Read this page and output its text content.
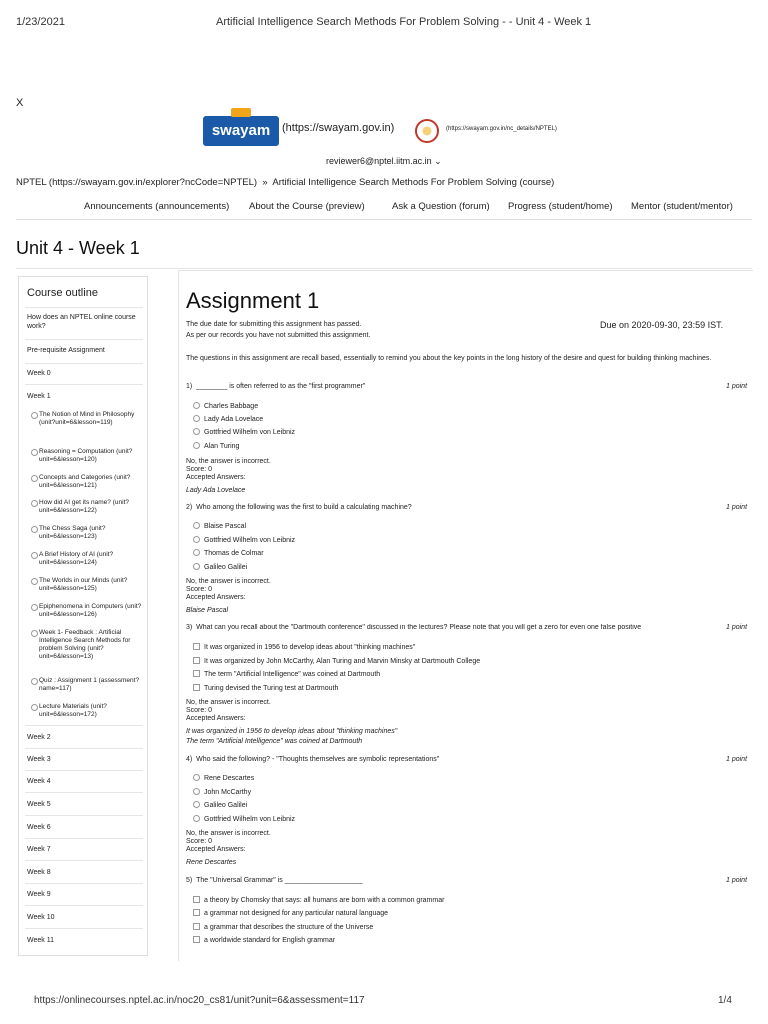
1/23/2021	Artificial Intelligence Search Methods For Problem Solving - - Unit 4 - Week 1
X
swayam	(https://swayam.gov.in)	(https://swayam.gov.in/nc_details/NPTEL)
reviewer6@nptel.iitm.ac.in ⌄
NPTEL (https://swayam.gov.in/explorer?ncCode=NPTEL) » Artificial Intelligence Search Methods For Problem Solving (course)
Announcements (announcements) About the Course (preview)	Ask a Question (forum) Progress (student/home) Mentor (student/mentor)
Unit 4 - Week 1
Course outline
How does an NPTEL online course work?
Pre-requisite Assignment
Week 0
Week 1
The Notion of Mind in Philosophy (unit?unit=6&lesson=119)
Reasoning = Computation (unit?unit=6&lesson=120)
Concepts and Categories (unit?unit=6&lesson=121)
How did AI get its name? (unit?unit=6&lesson=122)
The Chess Saga (unit?unit=6&lesson=123)
A Brief History of AI (unit?unit=6&lesson=124)
The Worlds in our Minds (unit?unit=6&lesson=125)
Epiphenomena in Computers (unit?unit=6&lesson=126)
Week 1- Feedback : Artificial Intelligence Search Methods for problem Solving (unit?unit=6&lesson=13)
Quiz : Assignment 1 (assessment?name=117)
Lecture Materials (unit?unit=6&lesson=172)
Week 2
Week 3
Week 4
Week 5
Week 6
Week 7
Week 8
Week 9
Week 10
Week 11
Assignment 1
The due date for submitting this assignment has passed.
As per our records you have not submitted this assignment.
Due on 2020-09-30, 23:59 IST.
The questions in this assignment are recall based, essentially to remind you about the key points in the long history of the desire and quest for building thinking machines.
1) ________ is often referred to as the "first programmer"	1 point
Charles Babbage
Lady Ada Lovelace
Gottfried Wilhelm von Leibniz
Alan Turing
No, the answer is incorrect.
Score: 0
Accepted Answers:
Lady Ada Lovelace
2) Who among the following was the first to build a calculating machine?	1 point
Blaise Pascal
Gottfried Wilhelm von Leibniz
Thomas de Colmar
Galileo Galilei
No, the answer is incorrect.
Score: 0
Accepted Answers:
Blaise Pascal
3) What can you recall about the "Dartmouth conference" discussed in the lectures? Please note that you will get a zero for even one false positive	1 point
It was organized in 1956 to develop ideas about "thinking machines"
It was organized by John McCarthy, Alan Turing and Marvin Minsky at Dartmouth College
The term "Artificial Intelligence" was coined at Dartmouth
Turing devised the Turing test at Dartmouth
No, the answer is incorrect.
Score: 0
Accepted Answers:
It was organized in 1956 to develop ideas about "thinking machines"
The term "Artificial Intelligence" was coined at Dartmouth
4) Who said the following? - "Thoughts themselves are symbolic representations"	1 point
Rene Descartes
John McCarthy
Galileo Galilei
Gottfried Wilhelm von Leibniz
No, the answer is incorrect.
Score: 0
Accepted Answers:
Rene Descartes
5) The "Universal Grammar" is ____________________	1 point
a theory by Chomsky that says: all humans are born with a common grammar
a grammar not designed for any particular natural language
a grammar that describes the structure of the Universe
a worldwide standard for English grammar
https://onlinecourses.nptel.ac.in/noc20_cs81/unit?unit=6&assessment=117	1/4
